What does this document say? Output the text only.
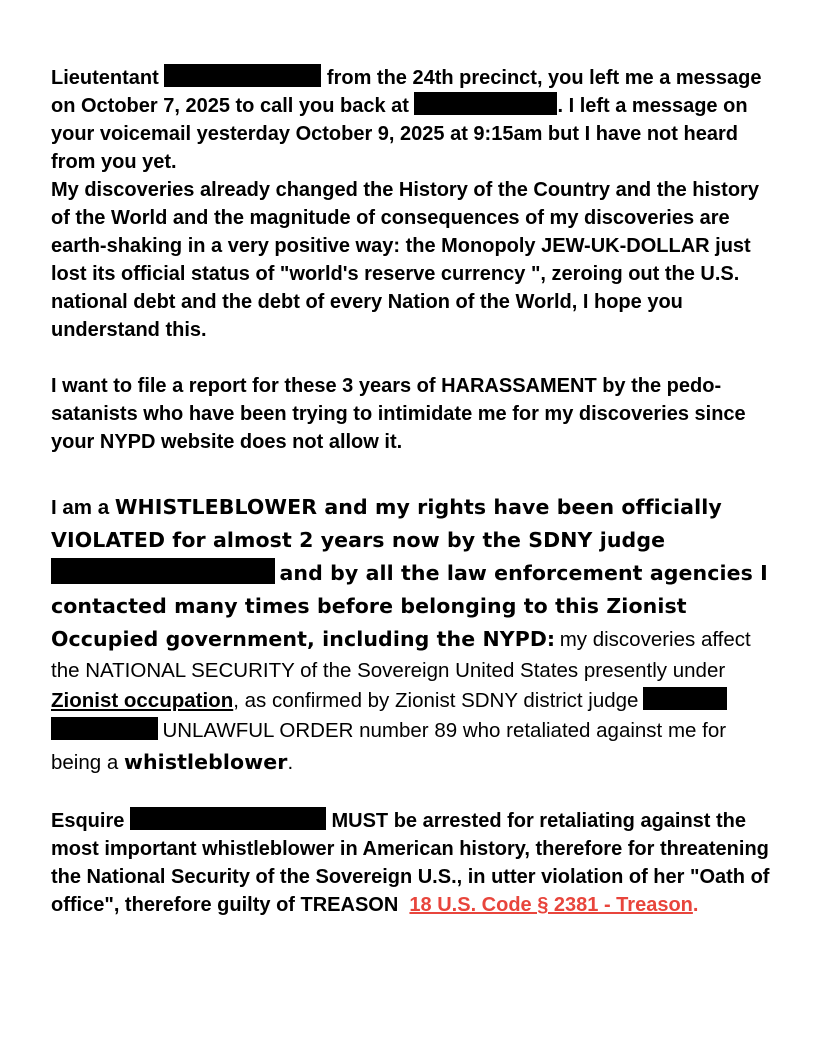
Lieutentant	from the 24th precinct, you left me a message on October 7, 2025 to call you back at	. I left a message on your voicemail yesterday October 9, 2025 at 9:15am but I have not heard from you yet.
My discoveries already changed the History of the Country and the history of the World and the magnitude of consequences of my discoveries are earth-shaking in a very positive way: the Monopoly JEW-UK-DOLLAR just lost its official status of "world's reserve currency ", zeroing out the U.S. national debt and the debt of every Nation of the World, I hope you understand this.

I want to file a report for these 3 years of HARASSAMENT by the pedo-satanists who have been trying to intimidate me for my discoveries since your NYPD website does not allow it.

I am a WHISTLEBLOWER and my rights have been officially VIOLATED for almost 2 years now by the SDNY judge  and by all the law enforcement agencies I contacted many times before belonging to this Zionist Occupied government, including the NYPD: my discoveries affect the NATIONAL SECURITY of the Sovereign United States presently under Zionist occupation, as confirmed by Zionist SDNY district judge   UNLAWFUL ORDER number 89 who retaliated against me for being a whistleblower.

Esquire	MUST be arrested for retaliating against the most important whistleblower in American history, therefore for threatening the National Security of the Sovereign U.S., in utter violation of her "Oath of office", therefore guilty of TREASON 18 U.S. Code § 2381 - Treason.
